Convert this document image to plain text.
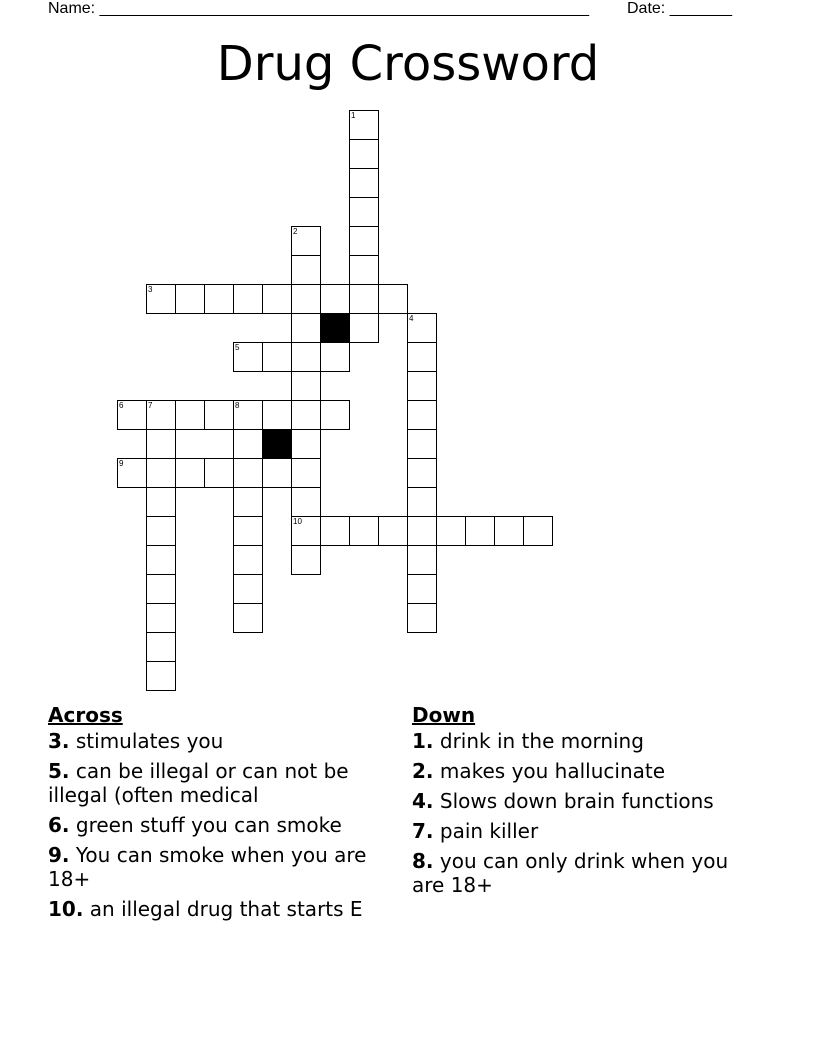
Name: _______________________________________________________ Date: _______
Drug Crossword
1
2
10
3
4
5
6	7	8
9
Across
3. stimulates you
5. can be illegal or can not be illegal (often medical
6. green stuff you can smoke
9. You can smoke when you are 18+
10. an illegal drug that starts E
Down
1. drink in the morning
2. makes you hallucinate
4. Slows down brain functions
7. pain killer
8. you can only drink when you are 18+
